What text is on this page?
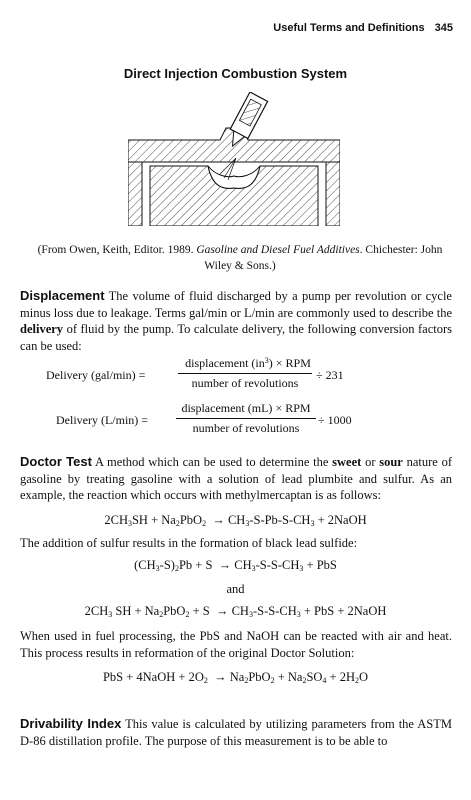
Useful Terms and Definitions 345
Direct Injection Combustion System
(From Owen, Keith, Editor. 1989. Gasoline and Diesel Fuel Additives. Chichester: John Wiley & Sons.)
Displacement The volume of fluid discharged by a pump per revolution or cycle minus loss due to leakage. Terms gal/min or L/min are commonly used to describe the delivery of fluid by the pump. To calculate delivery, the following conversion factors can be used:
Delivery (gal/min) =
displacement $(in^3)$ × RPM
number of revolutions
÷ 231
Delivery (L/min) =
displacement (mL) × RPM
number of revolutions
÷ 1000
Doctor Test A method which can be used to determine the sweet or sour nature of gasoline by treating gasoline with a solution of lead plumbite and sulfur. As an example, the reaction which occurs with methylmercaptan is as follows:
$2CH_3SH + Na_2PbO_2 \to CH_3-S-Pb-S-CH_3$ + 2NaOH
The addition of sulfur results in the formation of black lead sulfide:
$(CH_3-S)_2Pb + S \to CH_3-S-S-CH_3$ + PbS
and
$2CH_3$ SH + $Na_2PbO_2 + S \to CH_3-S-S-CH_3$ + PbS + 2NaOH
When used in fuel processing, the PbS and NaOH can be reacted with air and heat. This process results in reformation of the original Doctor Solution:
PbS + 4NaOH + $2O_2 \to Na_2PbO_2 + Na_2SO_4 + 2H_2O$
Drivability Index This value is calculated by utilizing parameters from the ASTM D-86 distillation profile. The purpose of this measurement is to be able to
